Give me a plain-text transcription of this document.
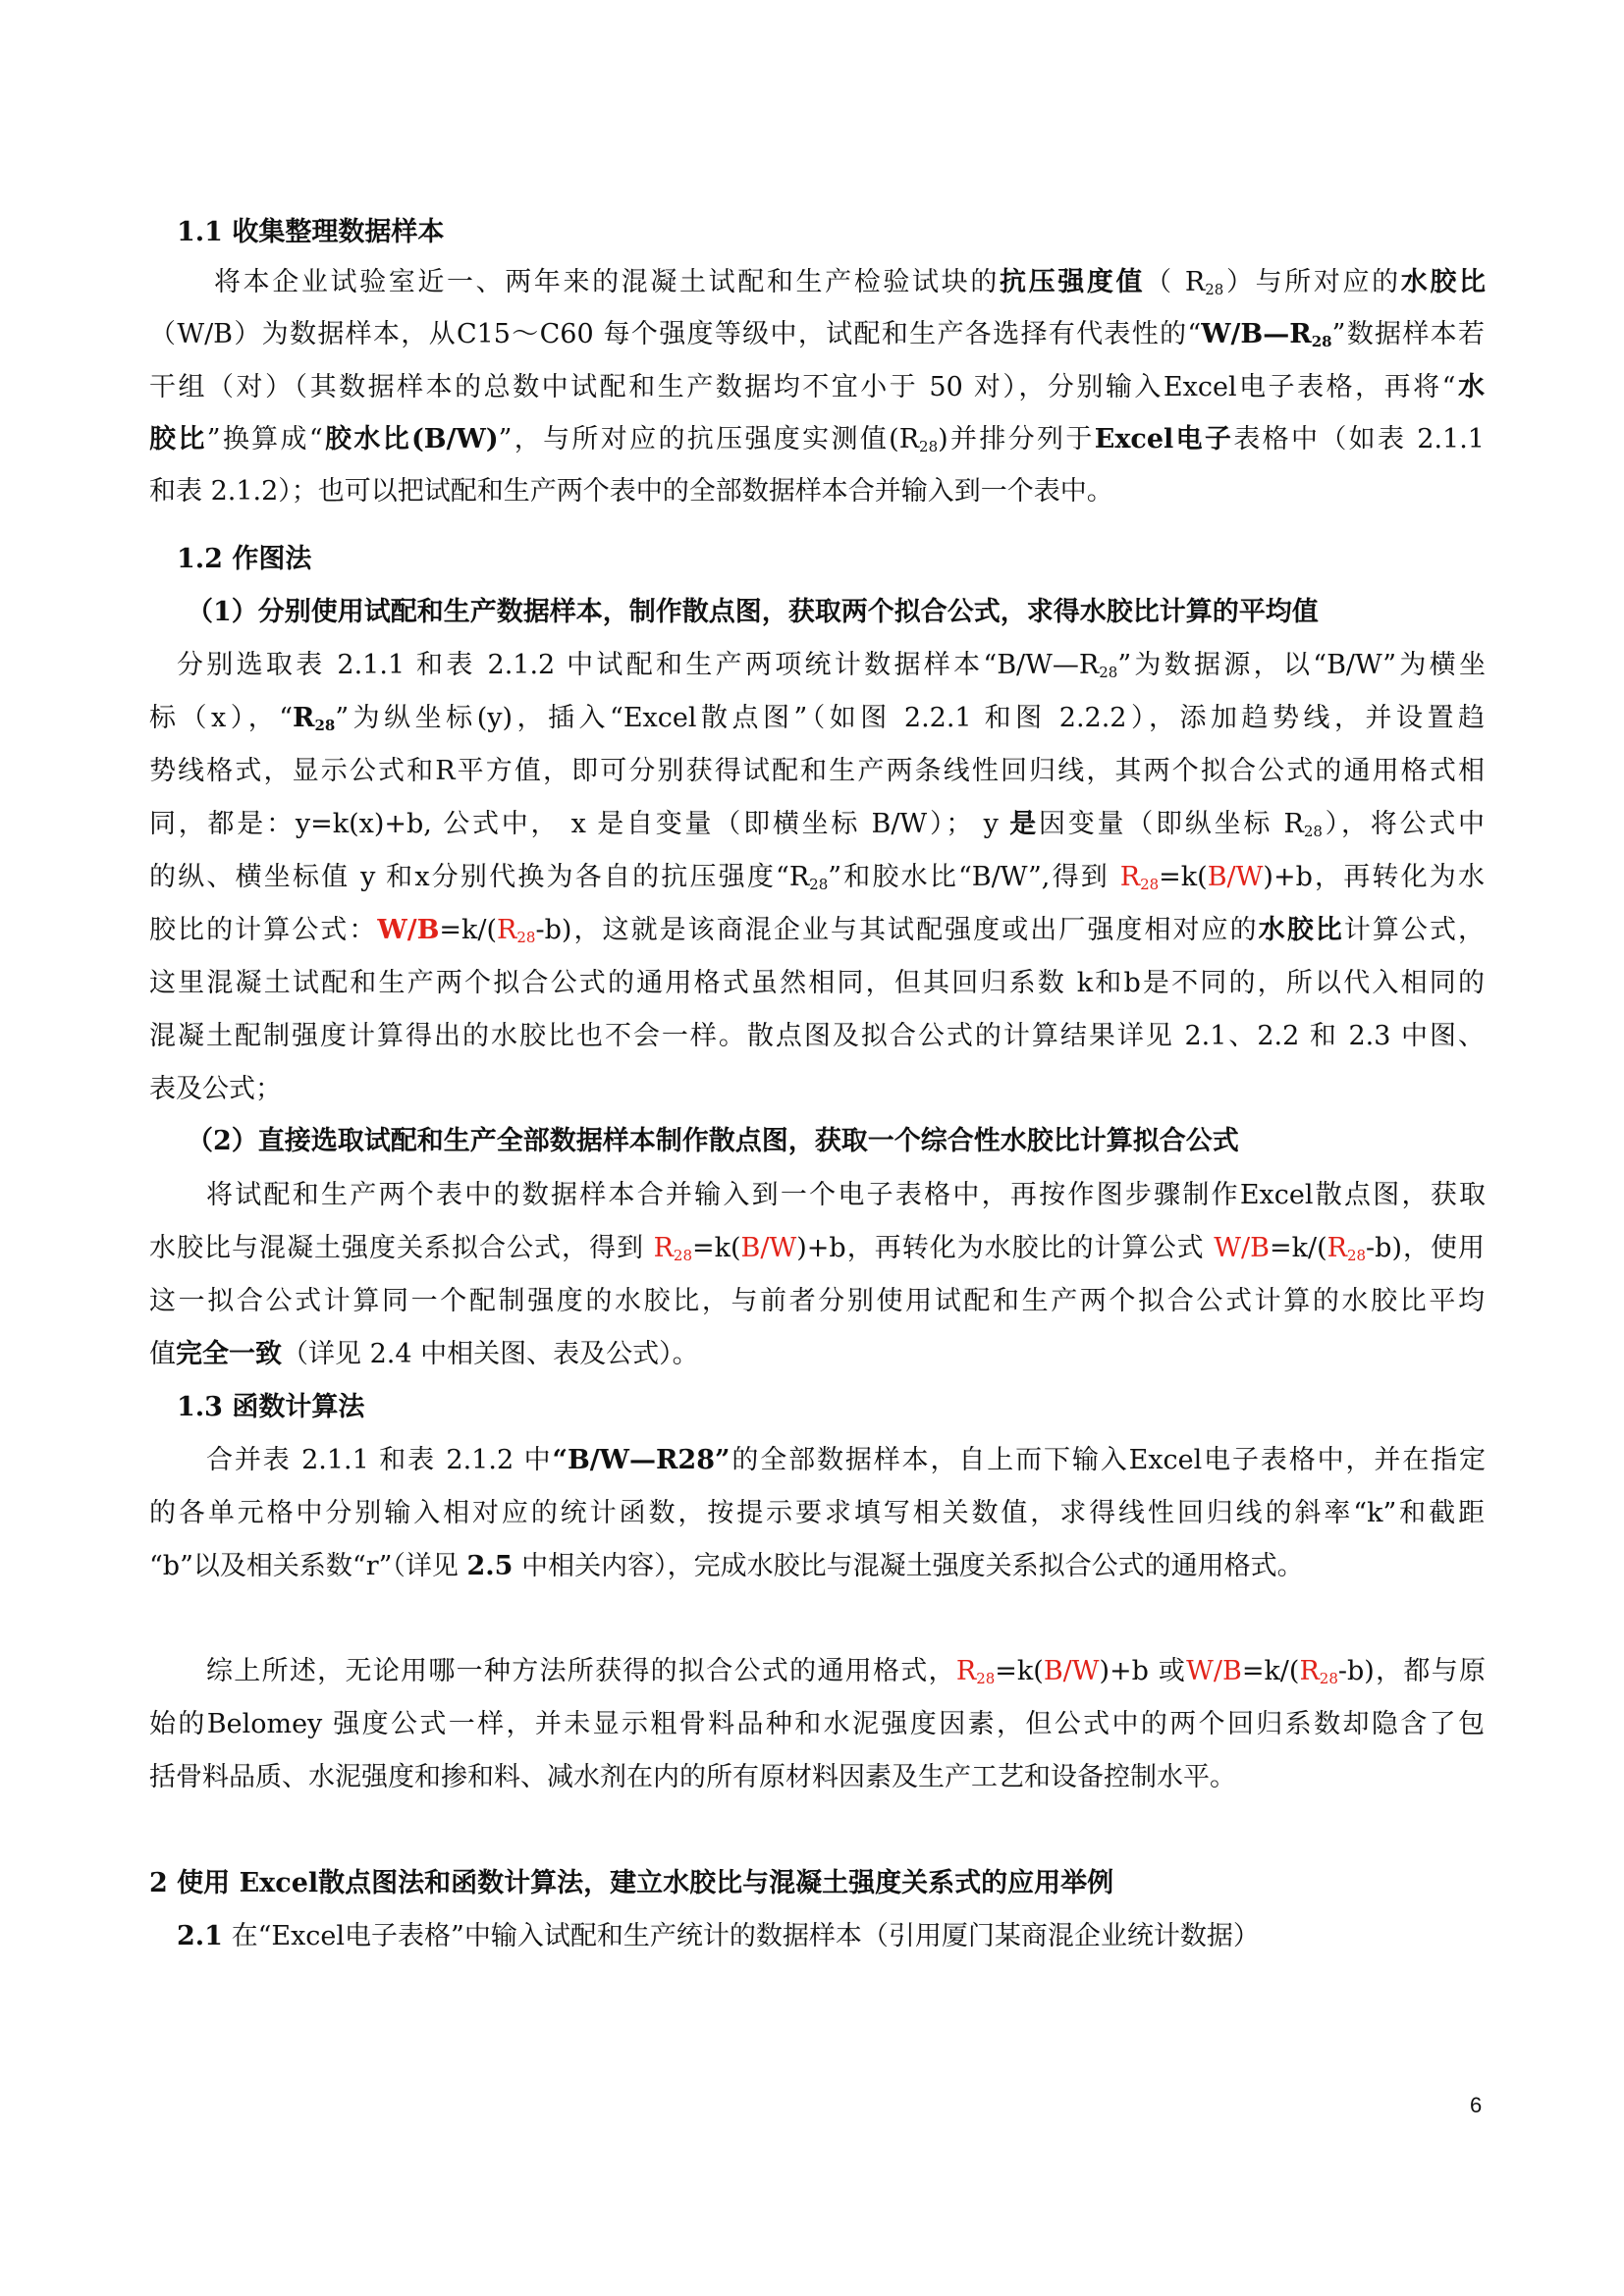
1.1 收集整理数据样本
将本企业试验室近一、两年来的混凝土试配和生产检验试块的抗压强度值（ $R_{28}$）与所对应的水胶比
（W/B）为数据样本，从C15～C60 每个强度等级中，试配和生产各选择有代表性的“$W/B—R_{28}$”数据样本若
干组（对）（其数据样本的总数中试配和生产数据均不宜小于 50 对），分别输入Excel电子表格，再将“水
胶比”换算成“胶水比(B/W)”，与所对应的抗压强度实测值$(R_{28})$并排分列于Excel电子表格中（如表 2.1.1
和表 2.1.2）；也可以把试配和生产两个表中的全部数据样本合并输入到一个表中。
1.2 作图法
（1）分别使用试配和生产数据样本，制作散点图，获取两个拟合公式，求得水胶比计算的平均值
分别选取表 2.1.1 和表 2.1.2 中试配和生产两项统计数据样本“$B/W—R_{28}$”为数据源，以“B/W”为横坐
标（x），“$R_{28}$”为纵坐标(y)，插入“Excel散点图”（如图 2.2.1 和图 2.2.2），添加趋势线，并设置趋
势线格式，显示公式和R平方值，即可分别获得试配和生产两条线性回归线，其两个拟合公式的通用格式相
同，都是：y=k(x)+b, 公式中， x 是自变量（即横坐标 B/W）； y 是因变量（即纵坐标 $R_{28}$），将公式中
的纵、横坐标值 y 和x分别代换为各自的抗压强度“$R_{28}$”和胶水比“B/W”,得到 $R_{28}=k(B/W)+b$，再转化为水
胶比的计算公式：$W/B=k/(R_{28}-b)$，这就是该商混企业与其试配强度或出厂强度相对应的水胶比计算公式，
这里混凝土试配和生产两个拟合公式的通用格式虽然相同，但其回归系数 k和b是不同的，所以代入相同的
混凝土配制强度计算得出的水胶比也不会一样。散点图及拟合公式的计算结果详见 2.1、2.2 和 2.3 中图、
表及公式；
（2）直接选取试配和生产全部数据样本制作散点图，获取一个综合性水胶比计算拟合公式
将试配和生产两个表中的数据样本合并输入到一个电子表格中，再按作图步骤制作Excel散点图，获取
水胶比与混凝土强度关系拟合公式，得到 $R_{28}=k(B/W)+b$，再转化为水胶比的计算公式 $W/B=k/(R_{28}-b)$，使用
这一拟合公式计算同一个配制强度的水胶比，与前者分别使用试配和生产两个拟合公式计算的水胶比平均
值完全一致（详见 2.4 中相关图、表及公式）。
1.3 函数计算法
合并表 2.1.1 和表 2.1.2 中“B/W—R28”的全部数据样本，自上而下输入Excel电子表格中，并在指定
的各单元格中分别输入相对应的统计函数，按提示要求填写相关数值，求得线性回归线的斜率“k”和截距
“b”以及相关系数“r”（详见 2.5 中相关内容），完成水胶比与混凝土强度关系拟合公式的通用格式。
综上所述，无论用哪一种方法所获得的拟合公式的通用格式，$R_{28}=k(B/W)+b$ 或$W/B=k/(R_{28}-b)$，都与原
始的Belomey 强度公式一样，并未显示粗骨料品种和水泥强度因素，但公式中的两个回归系数却隐含了包
括骨料品质、水泥强度和掺和料、减水剂在内的所有原材料因素及生产工艺和设备控制水平。
2 使用 Excel散点图法和函数计算法，建立水胶比与混凝土强度关系式的应用举例
2.1 在“Excel电子表格”中输入试配和生产统计的数据样本（引用厦门某商混企业统计数据）
6
